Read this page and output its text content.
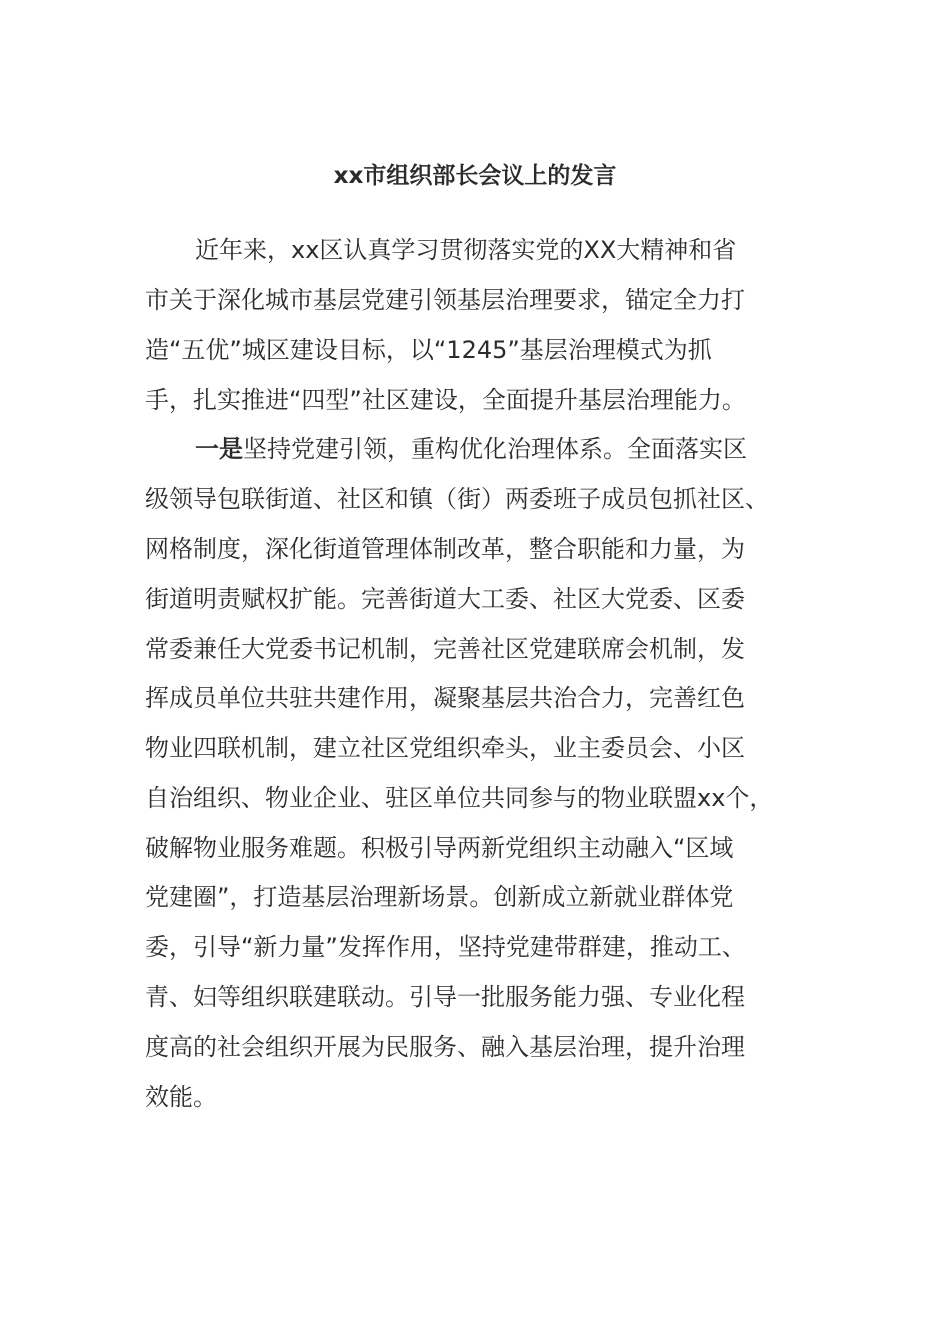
xx市组织部长会议上的发言

近年来，xx区认真学习贯彻落实党的XX大精神和省

市关于深化城市基层党建引领基层治理要求，锚定全力打

造“五优”城区建设目标，以“1245”基层治理模式为抓

手，扎实推进“四型”社区建设，全面提升基层治理能力。

一是坚持党建引领，重构优化治理体系。全面落实区

级领导包联街道、社区和镇（街）两委班子成员包抓社区、

网格制度，深化街道管理体制改革，整合职能和力量，为

街道明责赋权扩能。完善街道大工委、社区大党委、区委

常委兼任大党委书记机制，完善社区党建联席会机制，发

挥成员单位共驻共建作用，凝聚基层共治合力，完善红色

物业四联机制，建立社区党组织牵头，业主委员会、小区

自治组织、物业企业、驻区单位共同参与的物业联盟xx个，

破解物业服务难题。积极引导两新党组织主动融入“区域

党建圈”，打造基层治理新场景。创新成立新就业群体党

委，引导“新力量”发挥作用，坚持党建带群建，推动工、

青、妇等组织联建联动。引导一批服务能力强、专业化程

度高的社会组织开展为民服务、融入基层治理，提升治理

效能。
